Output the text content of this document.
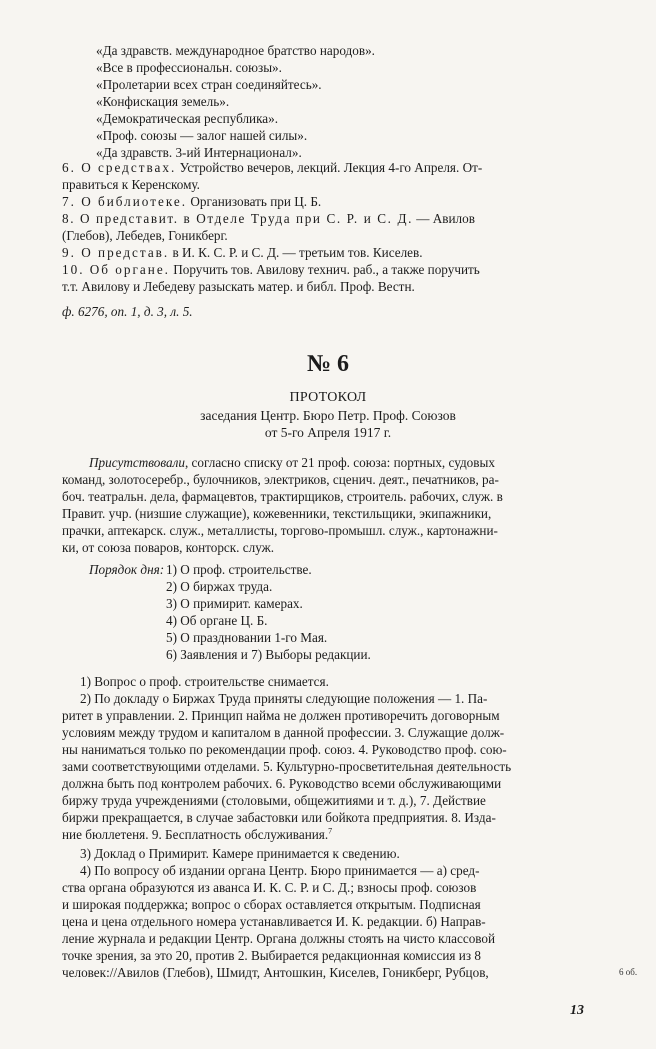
«Да здравств. международное братство народов».
«Все в профессиональн. союзы».
«Пролетарии всех стран соединяйтесь».
«Конфискация земель».
«Демократическая республика».
«Проф. союзы — залог нашей силы».
«Да здравств. 3-ий Интернационал».
6. О средствах. Устройство вечеров, лекций. Лекция 4-го Апреля. От-
правиться к Керенскому.
7. О библиотеке. Организовать при Ц. Б.
8. О представит. в Отделе Труда при С. Р. и С. Д. — Авилов
(Глебов), Лебедев, Гоникберг.
9. О представ. в И. К. С. Р. и С. Д. — третьим тов. Киселев.
10. Об органе. Поручить тов. Авилову технич. раб., а также поручить
т.т. Авилову и Лебедеву разыскать матер. и библ. Проф. Вестн.
ф. 6276, оп. 1, д. 3, л. 5.
№ 6
ПРОТОКОЛ
заседания Центр. Бюро Петр. Проф. Союзов
от 5-го Апреля 1917 г.
Присутствовали, согласно списку от 21 проф. союза: портных, судовых
команд, золотосеребр., булочников, электриков, сценич. деят., печатников, ра-
боч. театральн. дела, фармацевтов, трактирщиков, строитель. рабочих, служ. в
Правит. учр. (низшие служащие), кожевенники, текстильщики, экипажники,
прачки, аптекарск. служ., металлисты, торгово-промышл. служ., картонажни-
ки, от союза поваров, конторск. служ.
Порядок дня: 1) О проф. строительстве.
2) О биржах труда.
3) О примирит. камерах.
4) Об органе Ц. Б.
5) О праздновании 1-го Мая.
6) Заявления и 7) Выборы редакции.
1) Вопрос о проф. строительстве снимается.
2) По докладу о Биржах Труда приняты следующие положения — 1. Па-
ритет в управлении. 2. Принцип найма не должен противоречить договорным
условиям между трудом и капиталом в данной профессии. 3. Служащие долж-
ны наниматься только по рекомендации проф. союз. 4. Руководство проф. сою-
зами соответствующими отделами. 5. Культурно-просветительная деятельность
должна быть под контролем рабочих. 6. Руководство всеми обслуживающими
биржу труда учреждениями (столовыми, общежитиями и т. д.), 7. Действие
биржи прекращается, в случае забастовки или бойкота предприятия. 8. Изда-
ние бюллетеня. 9. Бесплатность обслуживания.$^7$
3) Доклад о Примирит. Камере принимается к сведению.
4) По вопросу об издании органа Центр. Бюро принимается — а) сред-
ства органа образуются из аванса И. К. С. Р. и С. Д.; взносы проф. союзов
и широкая поддержка; вопрос о сборах оставляется открытым. Подписная
цена и цена отдельного номера устанавливается И. К. редакции. б) Направ-
ление журнала и редакции Центр. Органа должны стоять на чисто классовой
точке зрения, за это 20, против 2. Выбирается редакционная комиссия из 8
человек://Авилов (Глебов), Шмидт, Антошкин, Киселев, Гоникберг, Рубцов,	6 об.
13
